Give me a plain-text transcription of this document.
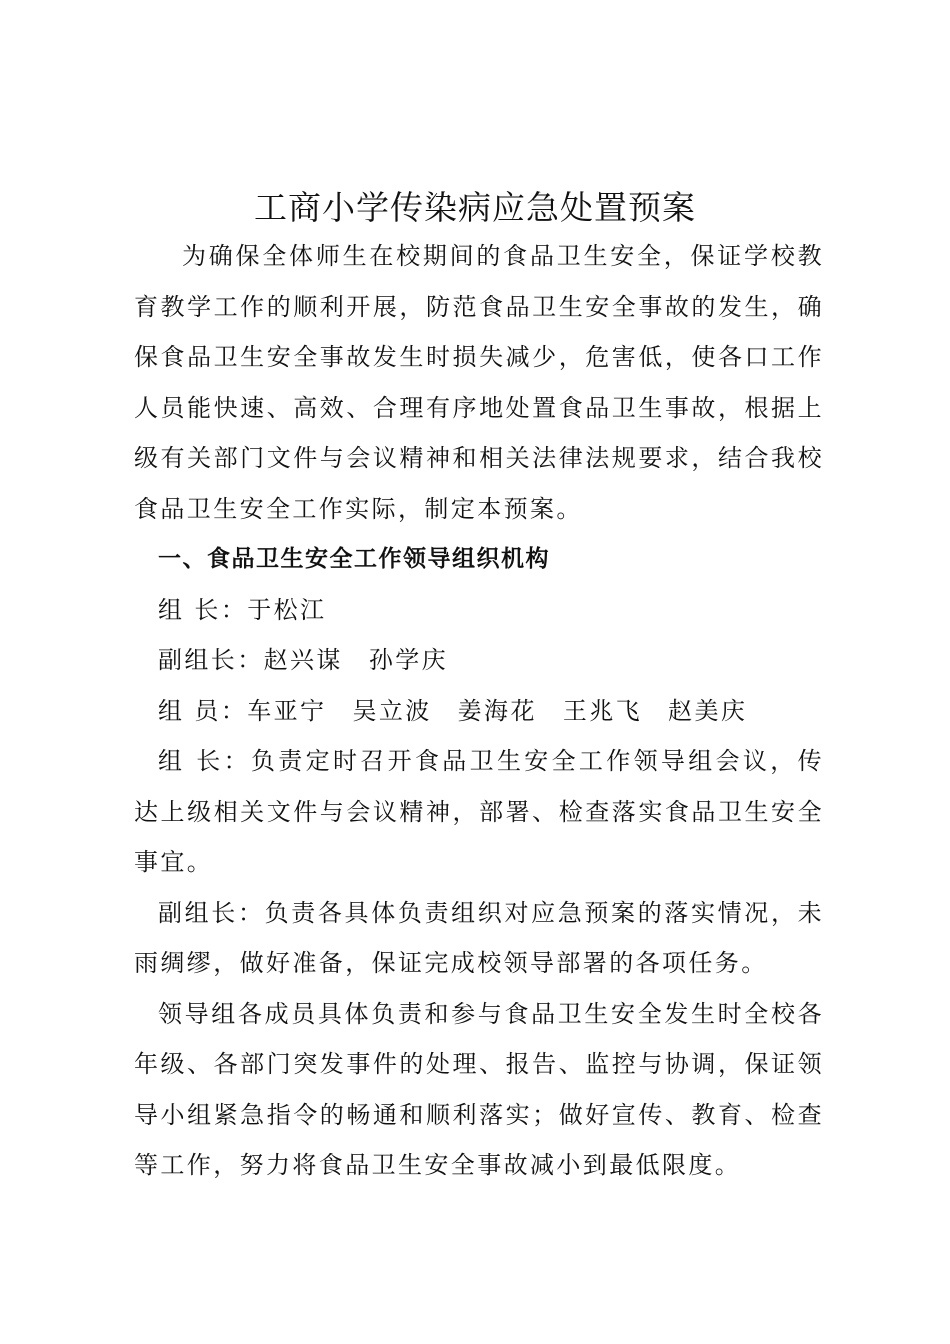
工商小学传染病应急处置预案

为确保全体师生在校期间的食品卫生安全，保证学校教育教学工作的顺利开展，防范食品卫生安全事故的发生，确保食品卫生安全事故发生时损失减少，危害低，使各口工作人员能快速、高效、合理有序地处置食品卫生事故，根据上级有关部门文件与会议精神和相关法律法规要求，结合我校食品卫生安全工作实际，制定本预案。

一、食品卫生安全工作领导组织机构

组 长：于松江

副组长：赵兴谋 孙学庆

组 员：车亚宁 吴立波 姜海花 王兆飞 赵美庆

组 长：负责定时召开食品卫生安全工作领导组会议，传达上级相关文件与会议精神，部署、检查落实食品卫生安全事宜。

副组长：负责各具体负责组织对应急预案的落实情况，未雨绸缪，做好准备，保证完成校领导部署的各项任务。

领导组各成员具体负责和参与食品卫生安全发生时全校各年级、各部门突发事件的处理、报告、监控与协调，保证领导小组紧急指令的畅通和顺利落实；做好宣传、教育、检查等工作，努力将食品卫生安全事故减小到最低限度。
